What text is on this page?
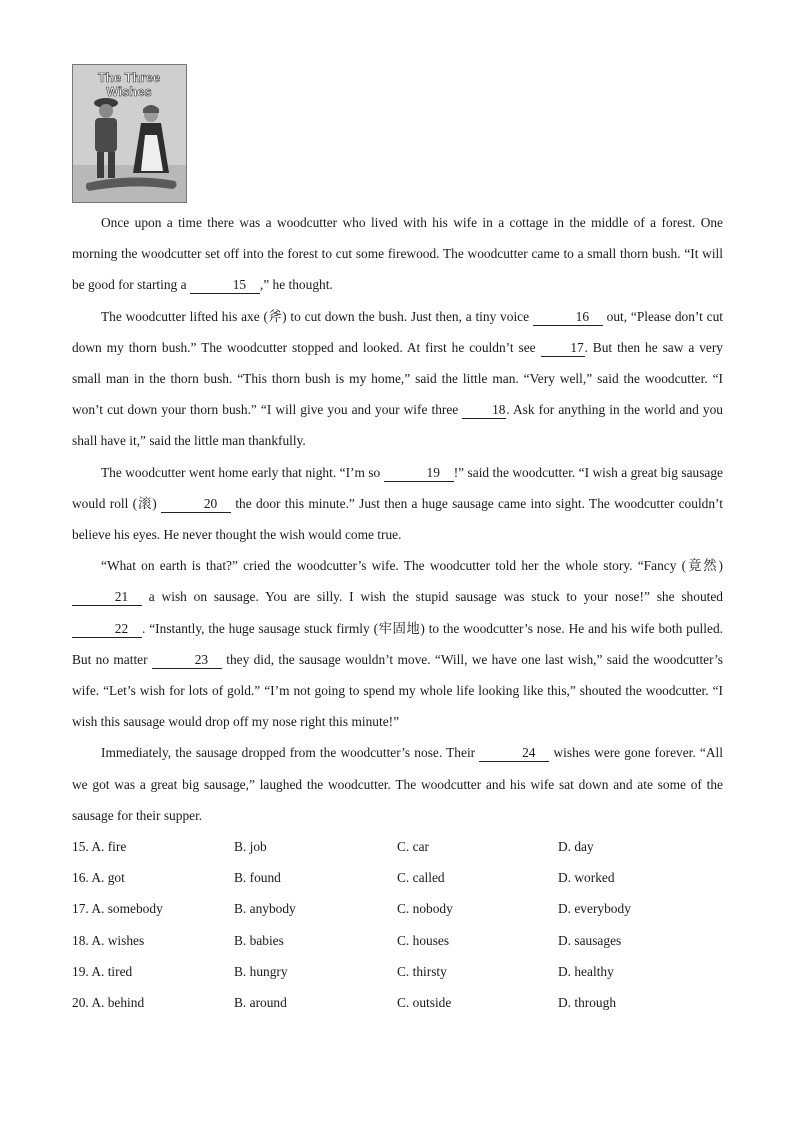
The Three
Wishes

Once upon a time there was a woodcutter who lived with his wife in a cottage in the middle of a forest. One morning the woodcutter set off into the forest to cut some firewood. The woodcutter came to a small thorn bush. “It will be good for starting a	15 ,” he thought.

The woodcutter lifted his axe (斧) to cut down the bush. Just then, a tiny voice	16 out, “Please don’t cut down my thorn bush.” The woodcutter stopped and looked. At first he couldn’t see 17. But then he saw a very small man in the thorn bush. “This thorn bush is my home,” said the little man. “Very well,” said the woodcutter. “I won’t cut down your thorn bush.” “I will give you and your wife three 18. Ask for anything in the world and you shall have it,” said the little man thankfully.

The woodcutter went home early that night. “I’m so	19 !” said the woodcutter. “I wish a great big sausage would roll (滚)	20 the door this minute.” Just then a huge sausage came into sight. The woodcutter couldn’t believe his eyes. He never thought the wish would come true.

“What on earth is that?” cried the woodcutter’s wife. The woodcutter told her the whole story. “Fancy (竟然) 21 a wish on sausage. You are silly. I wish the stupid sausage was stuck to your nose!” she shouted 22 . “Instantly, the huge sausage stuck firmly (牢固地) to the woodcutter’s nose. He and his wife both pulled. But no matter	23 they did, the sausage wouldn’t move. “Will, we have one last wish,” said the woodcutter’s wife. “Let’s wish for lots of gold.” “I’m not going to spend my whole life looking like this,” shouted the woodcutter. “I wish this sausage would drop off my nose right this minute!”

Immediately, the sausage dropped from the woodcutter’s nose. Their	24 wishes were gone forever. “All we got was a great big sausage,” laughed the woodcutter. The woodcutter and his wife sat down and ate some of the sausage for their supper.

15. A. fire	B. job	C. car	D. day
16. A. got	B. found	C. called	D. worked
17. A. somebody	B. anybody	C. nobody	D. everybody
18. A. wishes	B. babies	C. houses	D. sausages
19. A. tired	B. hungry	C. thirsty	D. healthy
20. A. behind	B. around	C. outside	D. through
